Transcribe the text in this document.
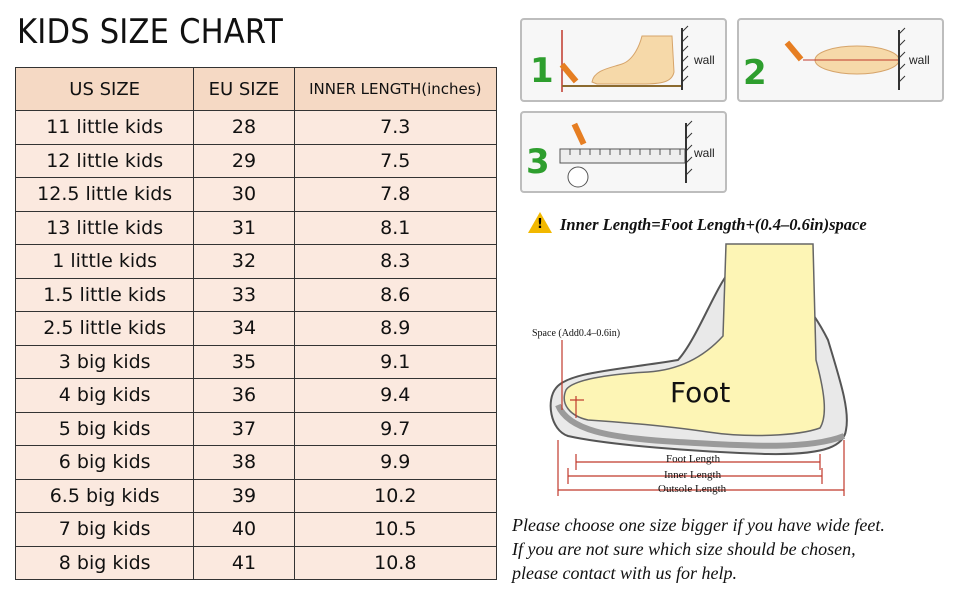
KIDS SIZE CHART
US SIZE	EU SIZE	INNER LENGTH(inches)
11 little kids	28	7.3
12 little kids	29	7.5
12.5 little kids	30	7.8
13 little kids	31	8.1
1 little kids	32	8.3
1.5 little kids	33	8.6
2.5 little kids	34	8.9
3 big kids	35	9.1
4 big kids	36	9.4
5 big kids	37	9.7
6 big kids	38	9.9
6.5 big kids	39	10.2
7 big kids	40	10.5
8 big kids	41	10.8
1	wall 2	wall
3	wall
! Inner Length=Foot Length+(0.4–0.6in)space
Foot
Space (Add0.4–0.6in)
Foot Length
Inner Length
Outsole Length
Please choose one size bigger if you have wide feet.
If you are not sure which size should be chosen,
please contact with us for help.
